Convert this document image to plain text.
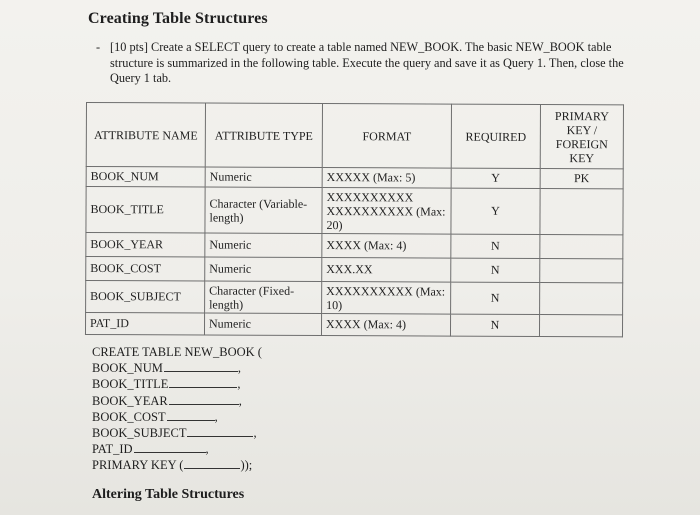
Creating Table Structures
- [10 pts] Create a SELECT query to create a table named NEW_BOOK. The basic NEW_BOOK table structure is summarized in the following table. Execute the query and save it as Query 1. Then, close the Query 1 tab.
ATTRIBUTE NAME	ATTRIBUTE TYPE	FORMAT	REQUIRED	PRIMARY KEY / FOREIGN KEY
BOOK_NUM	Numeric	XXXXX (Max: 5)	Y	PK
BOOK_TITLE	Character (Variable-length)	XXXXXXXXXX XXXXXXXXXX (Max: 20)	Y	
BOOK_YEAR	Numeric	XXXX (Max: 4)	N	
BOOK_COST	Numeric	XXX.XX	N	
BOOK_SUBJECT	Character (Fixed-length)	XXXXXXXXXX (Max: 10)	N	
PAT_ID	Numeric	XXXX (Max: 4)	N	
CREATE TABLE NEW_BOOK (
BOOK_NUM	,
BOOK_TITLE	,
BOOK_YEAR	,
BOOK_COST	,
BOOK_SUBJECT	,
PAT_ID	,
PRIMARY KEY (	));
Altering Table Structures
